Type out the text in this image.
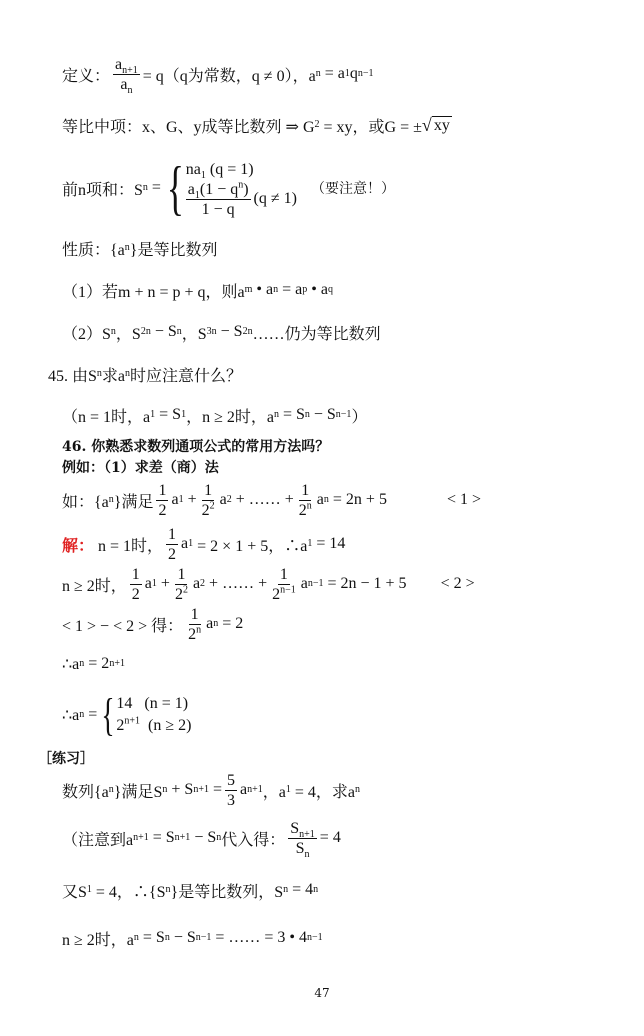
定义： $\frac{a_{n+1}}{a_n} = q(q$为常数，q ≠ 0），a n
= a 1 q n−1
等比中项：x、G、y成等比数列 ⇒ G 2
= xy，或G = ± √ xy
前n项和：S n
= { $na_1$ (q = 1)
$\frac{a_1(1 - q^n)}{1 - q} (q \ne 1)$
（要注意！）
性质：{a n }是等比数列
（1）若m + n = p + q，则a m
• a n
= a p
• a q
（2）S n ，S 2n
− S n ，S 3n
− S 2n ……仍为等比数列
45. 由S n 求a n 时应注意什么？
（n = 1时，a 1
= S 1 ，n ≥ 2时，a n
= S n
− S n−1 ）
46. 你熟悉求数列通项公式的常用方法吗？
例如：（1）求差（商）法
如：{a n }满足 $\frac{1}{2}$ a 1
+ $\frac{1}{2^2}$ a 2
+ …… + $\frac{1}{2^n}$ a n
= 2n + 5	< 1 >
解：
n = 1时， $\frac{1}{2}$ a 1
= 2 × 1 + 5，∴a 1
= 14
n ≥ 2时， $\frac{1}{2}$ a 1
+ $\frac{1}{2^2}$ a 2
+ …… + $\frac{1}{2^{n-1}}$ a n−1
= 2n − 1 + 5 < 2 >
< 1 > − < 2 > 得： $\frac{1}{2^n}$ a n
= 2
∴a n
= 2 n+1
∴a n
= { 14 (n = 1)
$2^{n+1}$ (n ≥ 2)
［练习］
数列{a n }满足S n
+ S n+1
= $\frac{5}{3}$ a n+1 ，a 1
= 4，求a n
（注意到a n+1
= S n+1
− S n 代入得： $\frac{S_{n+1}}{S_n} = 4$
又S 1
= 4，∴{S n }是等比数列，S n
= 4 n
n ≥ 2时，a n
= S n
− S n−1
= …… = 3 • 4 n−1
47
